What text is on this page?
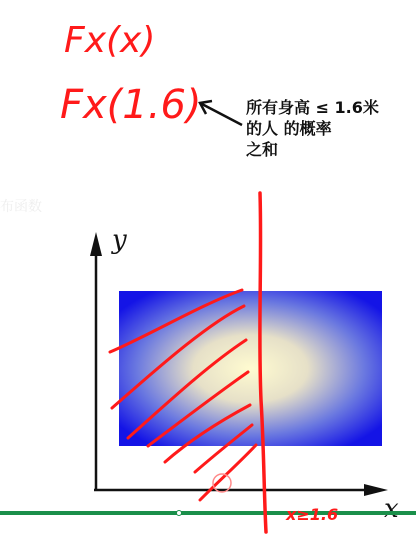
Fx(x)
Fx(1.6)
y
x
x≥1.6
布函数
所有身高 ≤ 1.6米
的人 的概率
之和
